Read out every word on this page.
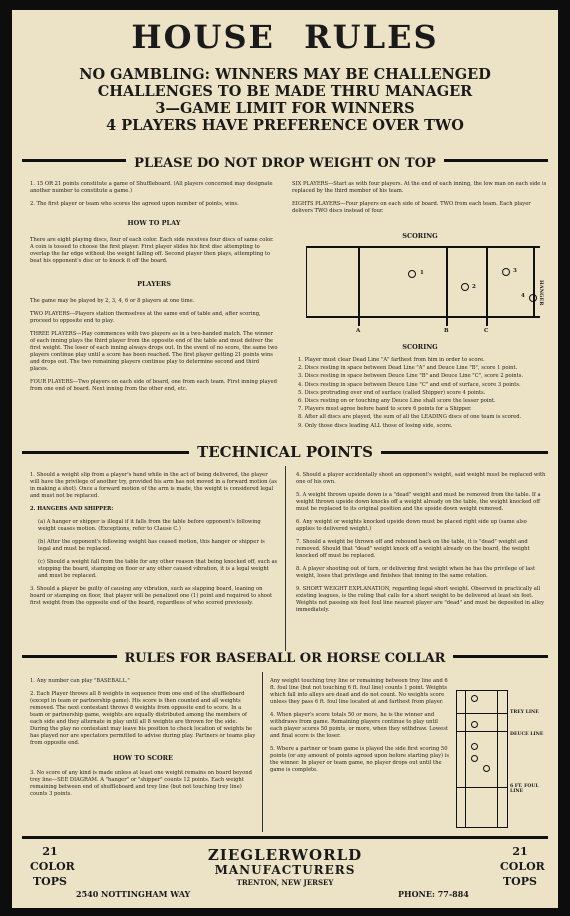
HOUSE RULES
NO GAMBLING: WINNERS MAY BE CHALLENGED
CHALLENGES TO BE MADE THRU MANAGER
3—GAME LIMIT FOR WINNERS
4 PLAYERS HAVE PREFERENCE OVER TWO
PLEASE DO NOT DROP WEIGHT ON TOP
1. 15 OR 21 points constitute a game of Shuffleboard. (All players concerned may designate another number to constitute a game.)
2. The first player or team who scores the agreed upon number of points, wins.
HOW TO PLAY
There are eight playing discs, four of each color. Each side receives four discs of same color. A coin is tossed to choose the first player. First player slides his first disc attempting to overlap the far edge without the weight falling off. Second player then plays, attempting to beat his opponent's disc or to knock it off the board.
PLAYERS
The game may be played by 2, 3, 4, 6 or 8 players at one time.
TWO PLAYERS—Players station themselves at the same end of table and, after scoring, proceed to opposite end to play.
THREE PLAYERS—Play commences with two players as in a two-handed match. The winner of each inning plays the third player from the opposite end of the table and must deliver the first weight. The loser of each inning always drops out. In the event of no score, the same two players continue play until a score has been reached. The first player getting 21 points wins and drops out. The two remaining players continue play to determine second and third places.
FOUR PLAYERS—Two players on each side of board, one from each team. First inning played from one end of board. Next inning from the other end, etc.
SIX PLAYERS—Start as with four players. At the end of each inning, the low man on each side is replaced by the third member of his team.
EIGHTS PLAYERS—Four players on each side of board. TWO from each team. Each player delivers TWO discs instead of four.
SCORING
1
2
3
4	HANGER
A	B	C
SCORING
1. Player must clear Dead Line "A" farthest from him in order to score.
2. Discs resting in space between Dead Line "A" and Deuce Line "B", score 1 point.
3. Discs resting in space between Deuce Line "B" and Deuce Line "C", score 2 points.
4. Discs resting in space between Deuce Line "C" and end of surface, score 3 points.
5. Discs protruding over end of surface (called Shipper) score 4 points.
6. Discs resting on or touching any Deuce Line shall score the lesser point.
7. Players must agree before hand to score 6 points for a Shipper.
8. After all discs are played, the sum of all the LEADING discs of one team is scored.
9. Only those discs leading ALL those of losing side, score.
TECHNICAL POINTS
1. Should a weight slip from a player's hand while in the act of being delivered, the player will have the privilege of another try, provided his arm has not moved in a forward motion (as in making a shot). Once a forward motion of the arm is made, the weight is considered legal and must not be replaced.
2. HANGERS AND SHIPPER:
(a) A hanger or shipper is illegal if it falls from the table before opponent's following weight ceases motion. (Exceptions, refer to Clause C.)
(b) After the opponent's following weight has ceased motion, this hanger or shipper is legal and must be replaced.
(c) Should a weight fall from the table for any other reason that being knocked off, such as stopping the board, stamping on floor or any other caused vibration, it is a legal weight and must be replaced.
3. Should a player be guilty of causing any vibration, such as slapping board, leaning on board or stamping on floor, that player will be penalized one (1) point and required to shoot first weight from the opposite end of the board, regardless of who scored previously.
4. Should a player accidentally shoot an opponent's weight, said weight must be replaced with one of his own.
5. A weight thrown upside down is a "dead" weight and must be removed from the table. If a weight thrown upside down knocks off a weight already on the table, the weight knocked off must be replaced to its original position and the upside down weight removed.
6. Any weight or weights knocked upside down must be placed right side up (same also applies to delivered weight.)
7. Should a weight be thrown off and rebound back on the table, it is "dead" weight and removed. Should that "dead" weight knock off a weight already on the board, the weight knocked off must be replaced.
8. A player shooting out of turn, or delivering first weight when he has the privilege of last weight, loses that privilege and finishes that inning in the same rotation.
9. SHORT WEIGHT EXPLANATION, regarding legal short weight. Observed in practically all existing leagues, is the ruling that calls for a short weight to be delivered at least six feet. Weights not passing six foot foul line nearest player are "dead" and must be deposited in alley immediately.
RULES FOR BASEBALL OR HORSE COLLAR
1. Any number can play "BASEBALL."
2. Each Player throws all 8 weights in sequence from one end of the shuffleboard (except in team or partnership game). His score is then counted and all weights removed. The next contestant throws 8 weights from opposite end to score. In a team or partnership game, weights are equally distributed among the members of each side and they alternate in play until all 8 weights are thrown for the side. During the play no contestant may leave his position to check location of weights he has played nor are spectators permitted to advise during play. Partners or teams play from opposite end.
HOW TO SCORE
3. No score of any kind is made unless at least one weight remains on board beyond trey line—SEE DIAGRAM. A "hanger" or "shipper" counts 12 points. Each weight remaining between end of shuffleboard and trey line (but not touching trey line) counts 3 points.
Any weight touching trey line or remaining between trey line and 6 ft. foul line (but not touching 6 ft. foul line) counts 1 point. Weights which fall into alleys are dead and do not count. No weights score unless they pass 6 ft. foul line located at and farthest from player.
4. When player's score totals 50 or more, he is the winner and withdraws from game. Remaining players continue to play until each player scores 50 points, or more, when they withdraw. Lowest and final score is the loser.
5. Where a partner or team game is played the side first scoring 50 points (or any amount of points agreed upon before starting play) is the winner. In player or team game, no player drops out until the game is complete.
TREY LINE
DEUCE LINE
6 FT. FOUL LINE
21
COLOR
TOPS
21
COLOR
TOPS
ZIEGLERWORLD
MANUFACTURERS
TRENTON, NEW JERSEY
2540 NOTTINGHAM WAY	PHONE: 77-884
